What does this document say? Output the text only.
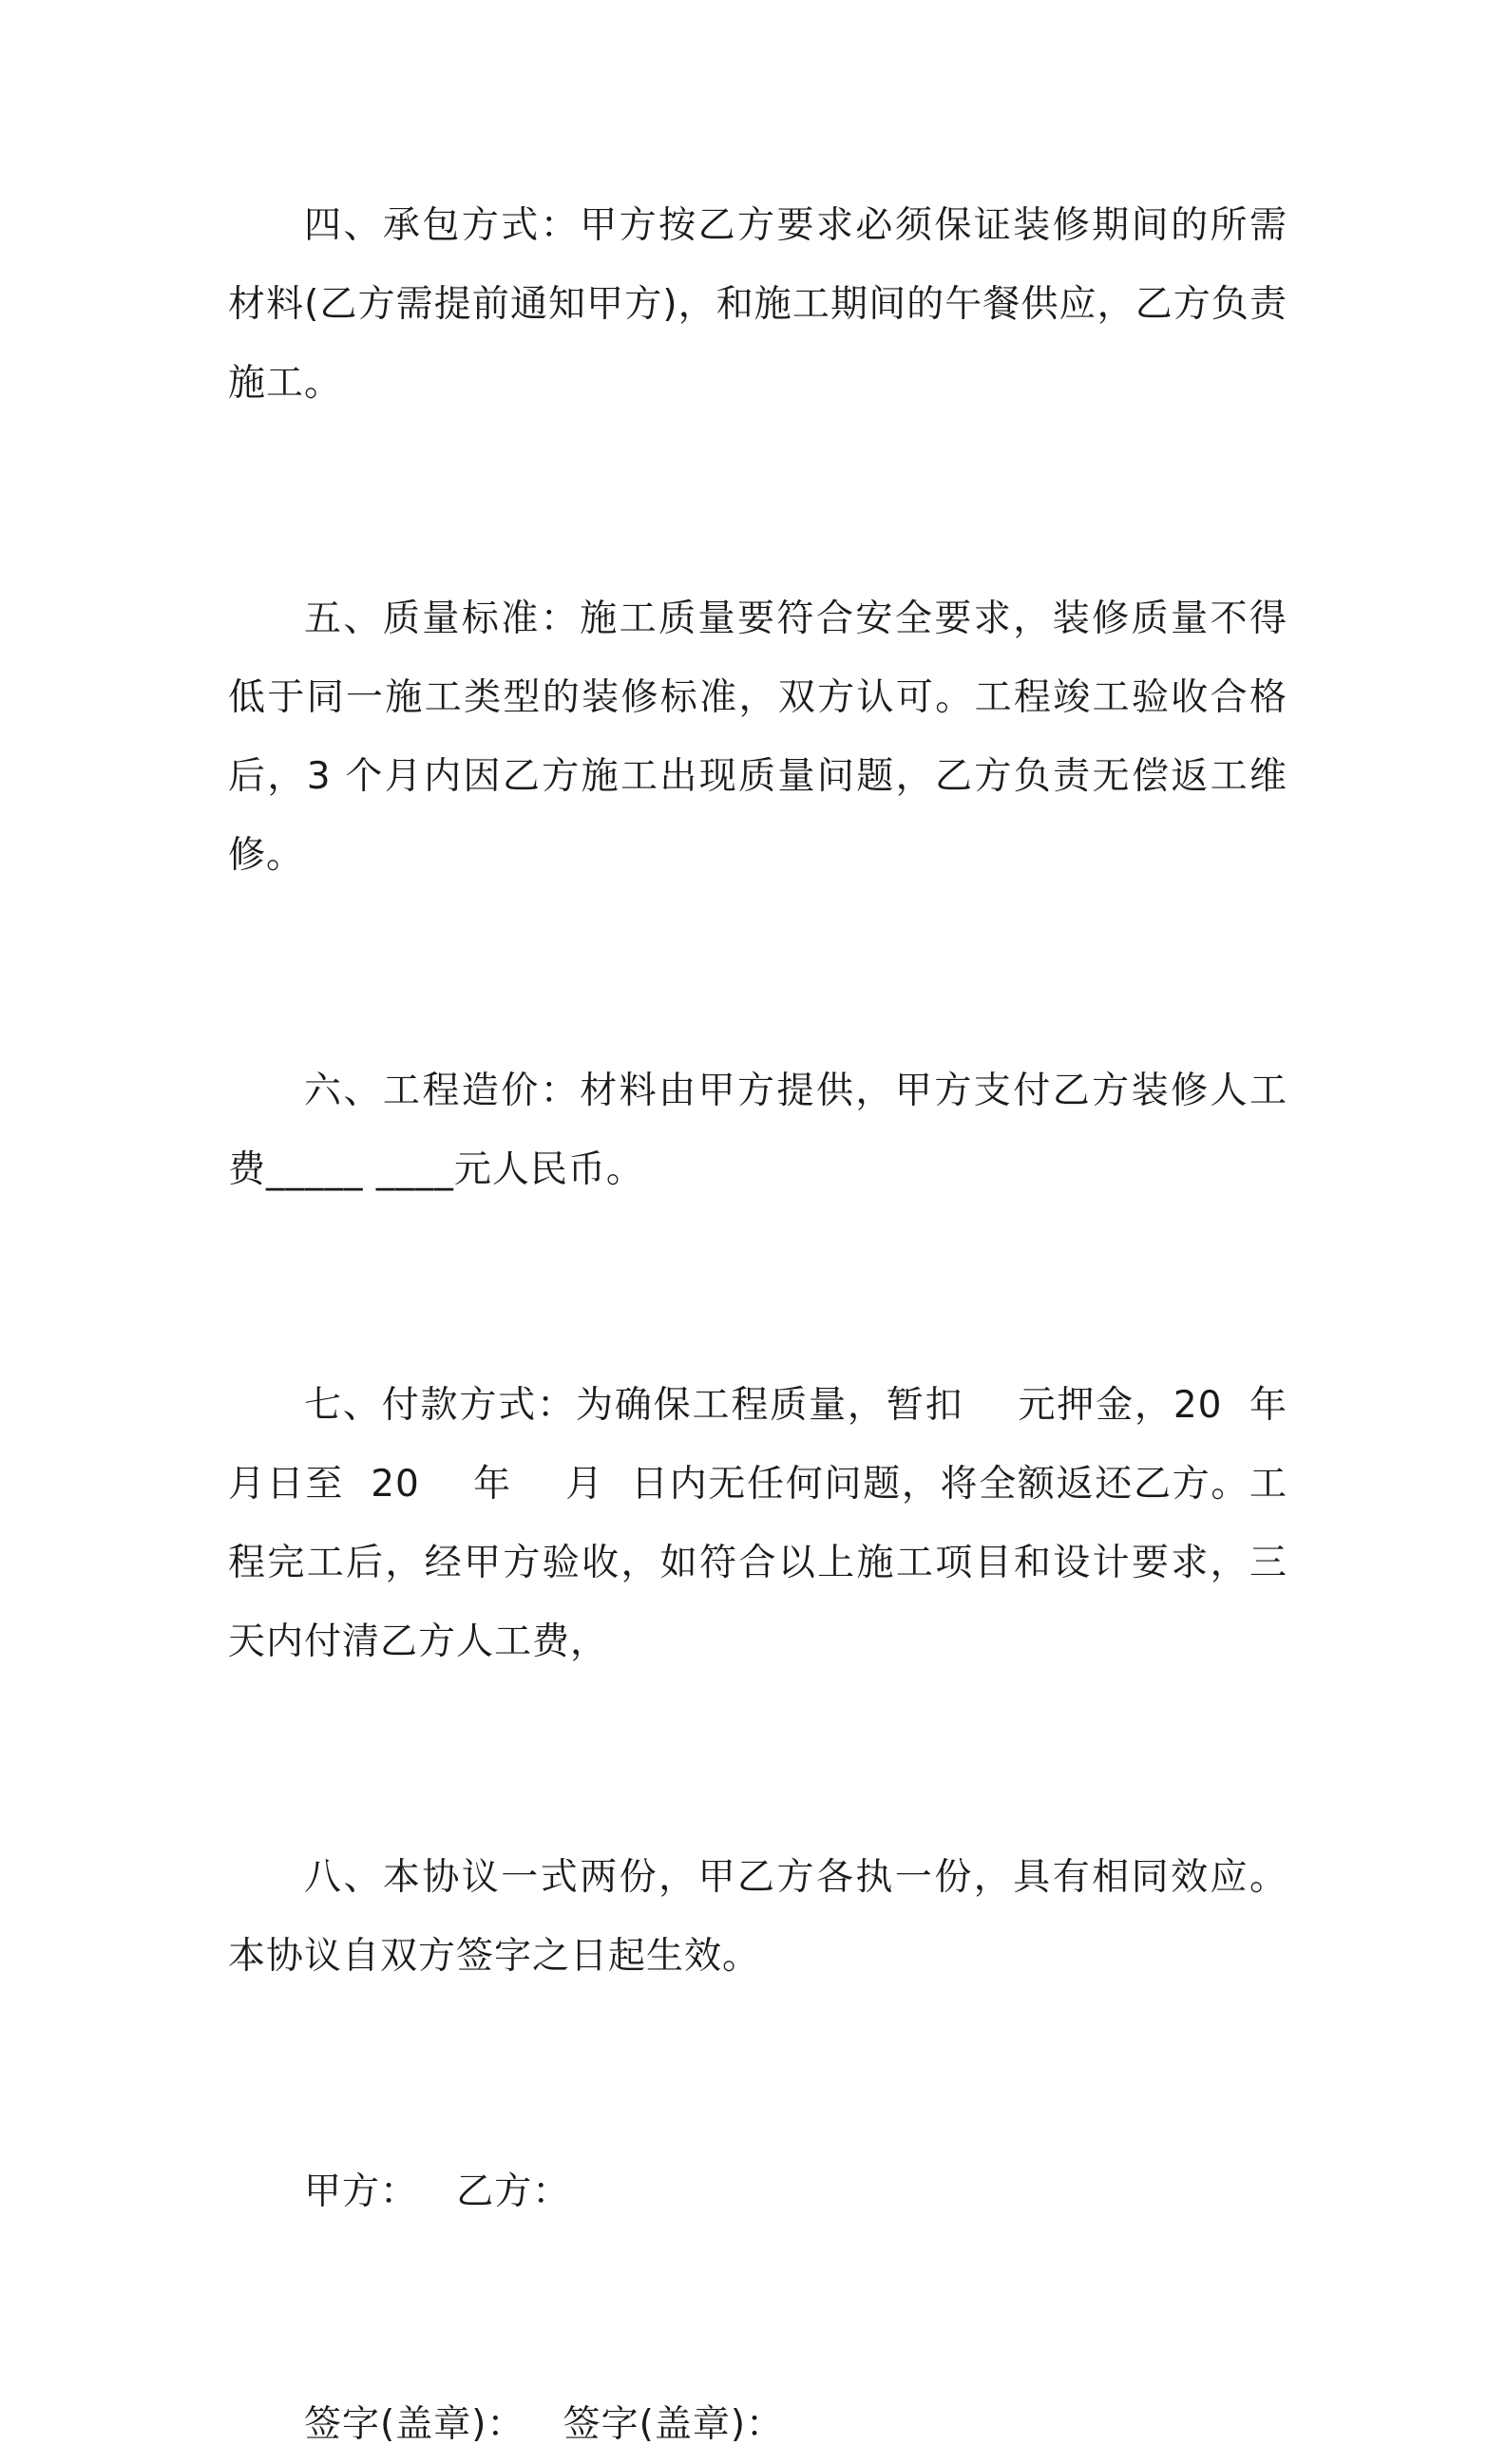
四、承包方式：甲方按乙方要求必须保证装修期间的所需材料(乙方需提前通知甲方)，和施工期间的午餐供应，乙方负责施工。

五、质量标准：施工质量要符合安全要求，装修质量不得低于同一施工类型的装修标准，双方认可。工程竣工验收合格后，3 个月内因乙方施工出现质量问题，乙方负责无偿返工维修。

六、工程造价：材料由甲方提供，甲方支付乙方装修人工费_____ ____元人民币。

七、付款方式：为确保工程质量，暂扣    元押金，20  年    月日至  20    年    月  日内无任何问题，将全额返还乙方。工程完工后，经甲方验收，如符合以上施工项目和设计要求，三天内付清乙方人工费，

八、本协议一式两份，甲乙方各执一份，具有相同效应。本协议自双方签字之日起生效。

甲方：   乙方：

签字(盖章)：   签字(盖章)：
